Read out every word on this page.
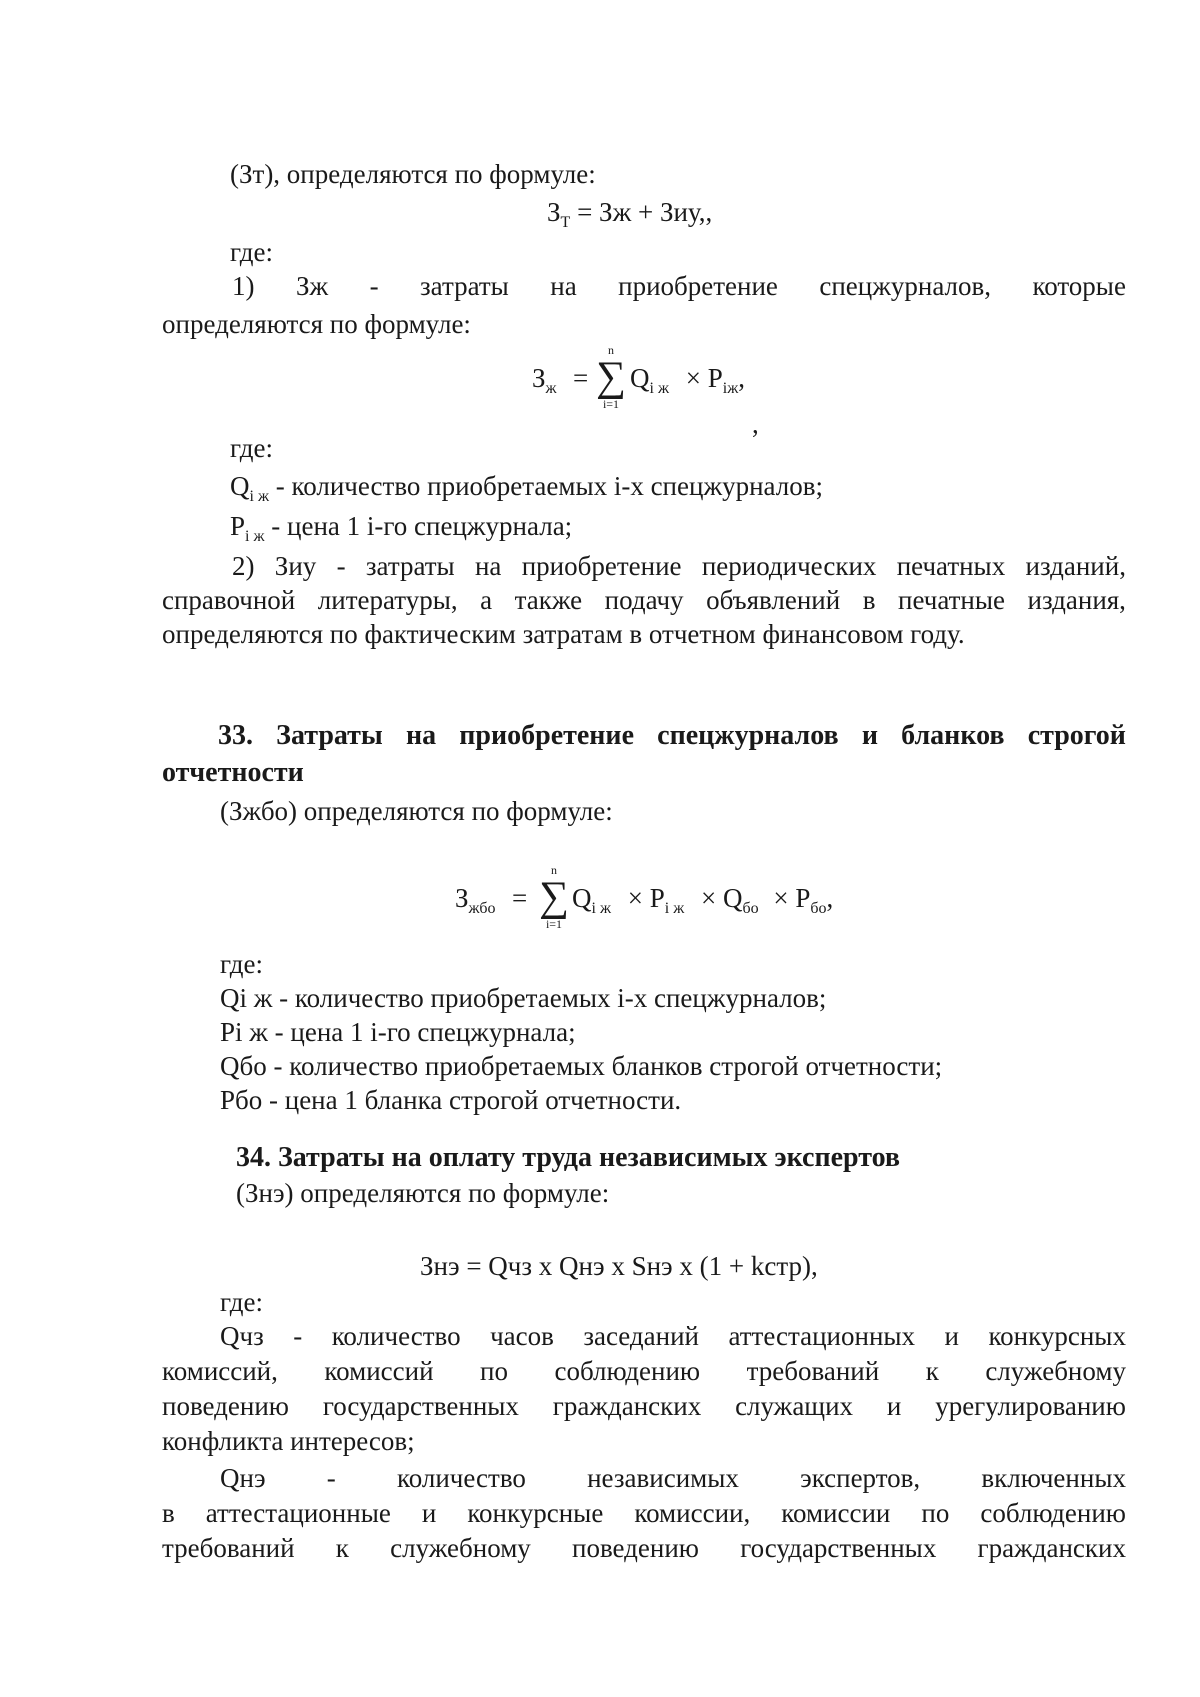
(Зт), определяются по формуле:
$З_Т$ = Зж + Зиу,,
где:
1) Зж - затраты на приобретение спецжурналов, которые
определяются по формуле:
$З_ж$ =
n
∑
i=1
$Q_{i ж} \times P_{iж}$,
,
где:
$Q_{i ж}$ - количество приобретаемых i-х спецжурналов;
$P_{i ж}$ - цена 1 i-го спецжурнала;
2) Зиу - затраты на приобретение периодических печатных изданий,
справочной литературы, а также подачу объявлений в печатные издания,
определяются по фактическим затратам в отчетном финансовом году.
33. Затраты на приобретение спецжурналов и бланков строгой
отчетности
(Зжбо) определяются по формуле:
$З_{жбо}$ =
n
∑
i=1
$Q_{i ж} \times P_{i ж} \times Q_{бо} \times P_{бо}$,
где:
Qi ж - количество приобретаемых i-х спецжурналов;
Pi ж - цена 1 i-го спецжурнала;
Qбо - количество приобретаемых бланков строгой отчетности;
Pбо - цена 1 бланка строгой отчетности.
34. Затраты на оплату труда независимых экспертов
(Знэ) определяются по формуле:
Знэ = Qчз x Qнэ x Sнэ x (1 + kстр),
где:
Qчз - количество часов заседаний аттестационных и конкурсных
комиссий, комиссий по соблюдению требований к служебному
поведению государственных гражданских служащих и урегулированию
конфликта интересов;
Qнэ - количество независимых экспертов, включенных
в аттестационные и конкурсные комиссии, комиссии по соблюдению
требований к служебному поведению государственных гражданских
